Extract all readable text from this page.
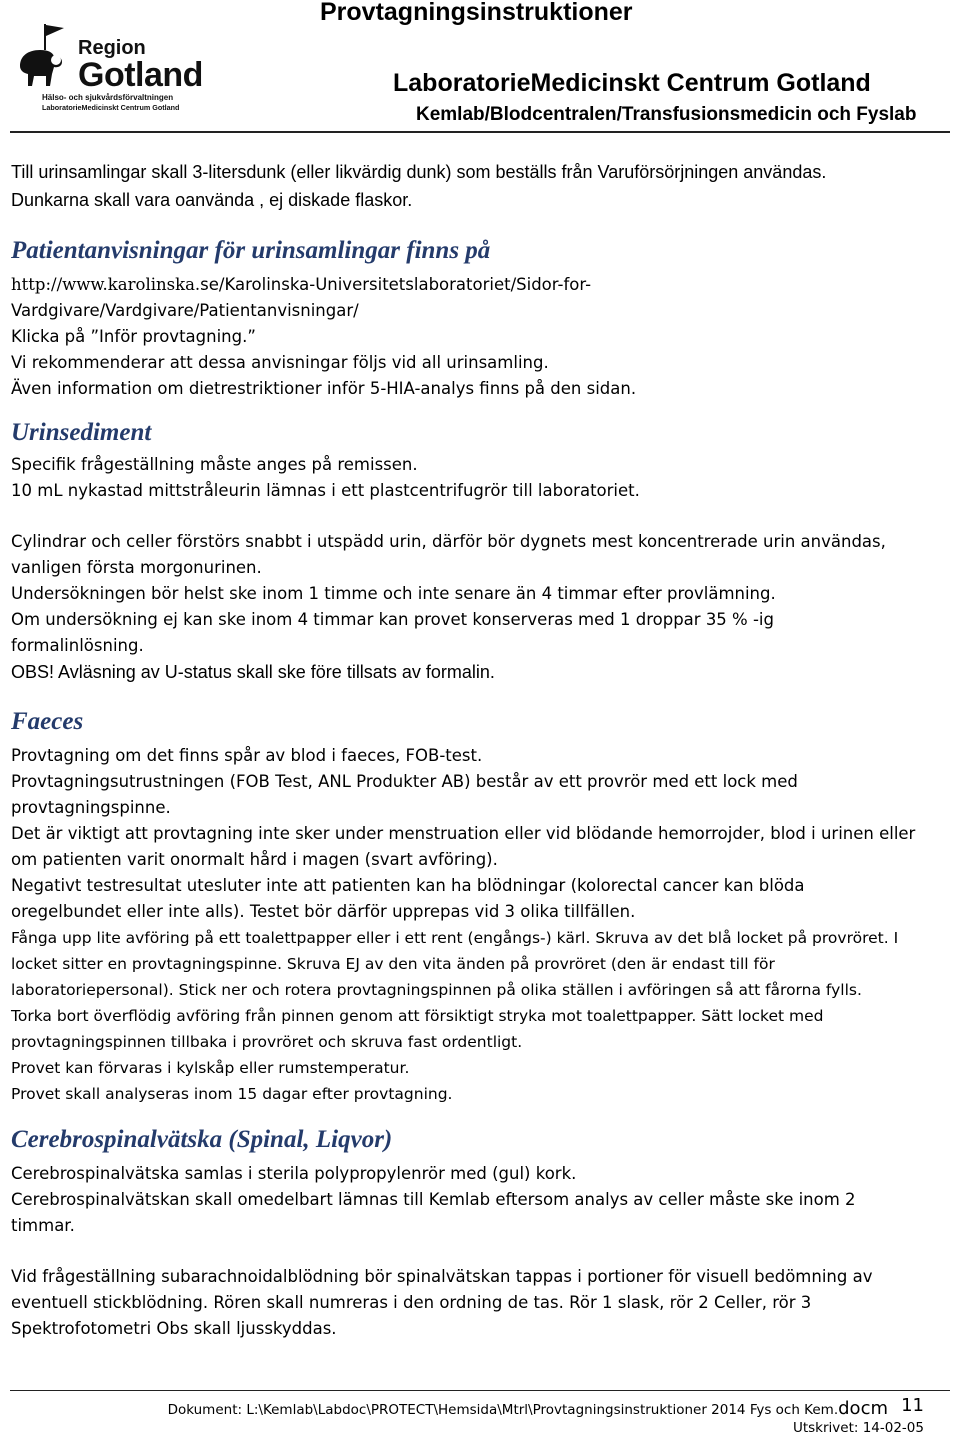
Region
Gotland
Hälso- och sjukvårdsförvaltningen
LaboratorieMedicinskt Centrum Gotland
Provtagningsinstruktioner
LaboratorieMedicinskt Centrum Gotland
Kemlab/Blodcentralen/Transfusionsmedicin och Fyslab

Till urinsamlingar skall 3-litersdunk (eller likvärdig dunk) som beställs från Varuförsörjningen användas.

Dunkarna skall vara oanvända , ej diskade flaskor.

Patientanvisningar för urinsamlingar finns på

http://www.karolinska.se/Karolinska-Universitetslaboratoriet/Sidor-for-

Vardgivare/Vardgivare/Patientanvisningar/

Klicka på ”Inför provtagning.”

Vi rekommenderar att dessa anvisningar följs vid all urinsamling.

Även information om dietrestriktioner inför 5-HIA-analys finns på den sidan.

Urinsediment

Specifik frågeställning måste anges på remissen.

10 mL nykastad mittstråleurin lämnas i ett plastcentrifugrör till laboratoriet.

Cylindrar och celler förstörs snabbt i utspädd urin, därför bör dygnets mest koncentrerade urin användas,

vanligen första morgonurinen.

Undersökningen bör helst ske inom 1 timme och inte senare än 4 timmar efter provlämning.

Om undersökning ej kan ske inom 4 timmar kan provet konserveras med 1 droppar 35 % -ig

formalinlösning.

OBS! Avläsning av U-status skall ske före tillsats av formalin.

Faeces

Provtagning om det finns spår av blod i faeces, FOB-test.

Provtagningsutrustningen (FOB Test, ANL Produkter AB) består av ett provrör med ett lock med

provtagningspinne.

Det är viktigt att provtagning inte sker under menstruation eller vid blödande hemorrojder, blod i urinen eller

om patienten varit onormalt hård i magen (svart avföring).

Negativt testresultat utesluter inte att patienten kan ha blödningar (kolorectal cancer kan blöda

oregelbundet eller inte alls). Testet bör därför upprepas vid 3 olika tillfällen.

Fånga upp lite avföring på ett toalettpapper eller i ett rent (engångs-) kärl. Skruva av det blå locket på provröret. I

locket sitter en provtagningspinne. Skruva EJ av den vita änden på provröret (den är endast till för

laboratoriepersonal). Stick ner och rotera provtagningspinnen på olika ställen i avföringen så att fårorna fylls.

Torka bort överflödig avföring från pinnen genom att försiktigt stryka mot toalettpapper. Sätt locket med

provtagningspinnen tillbaka i provröret och skruva fast ordentligt.

Provet kan förvaras i kylskåp eller rumstemperatur.

Provet skall analyseras inom 15 dagar efter provtagning.

Cerebrospinalvätska (Spinal, Liqvor)

Cerebrospinalvätska samlas i sterila polypropylenrör med (gul) kork.

Cerebrospinalvätskan skall omedelbart lämnas till Kemlab eftersom analys av celler måste ske inom 2

timmar.

Vid frågeställning subarachnoidalblödning bör spinalvätskan tappas i portioner för visuell bedömning av

eventuell stickblödning. Rören skall numreras i den ordning de tas. Rör 1 slask, rör 2 Celler, rör 3

Spektrofotometri Obs skall ljusskyddas.

Dokument: L:\Kemlab\Labdoc\PROTECT\Hemsida\Mtrl\Provtagningsinstruktioner 2014 Fys och Kem.docm 11
Utskrivet: 14-02-05
